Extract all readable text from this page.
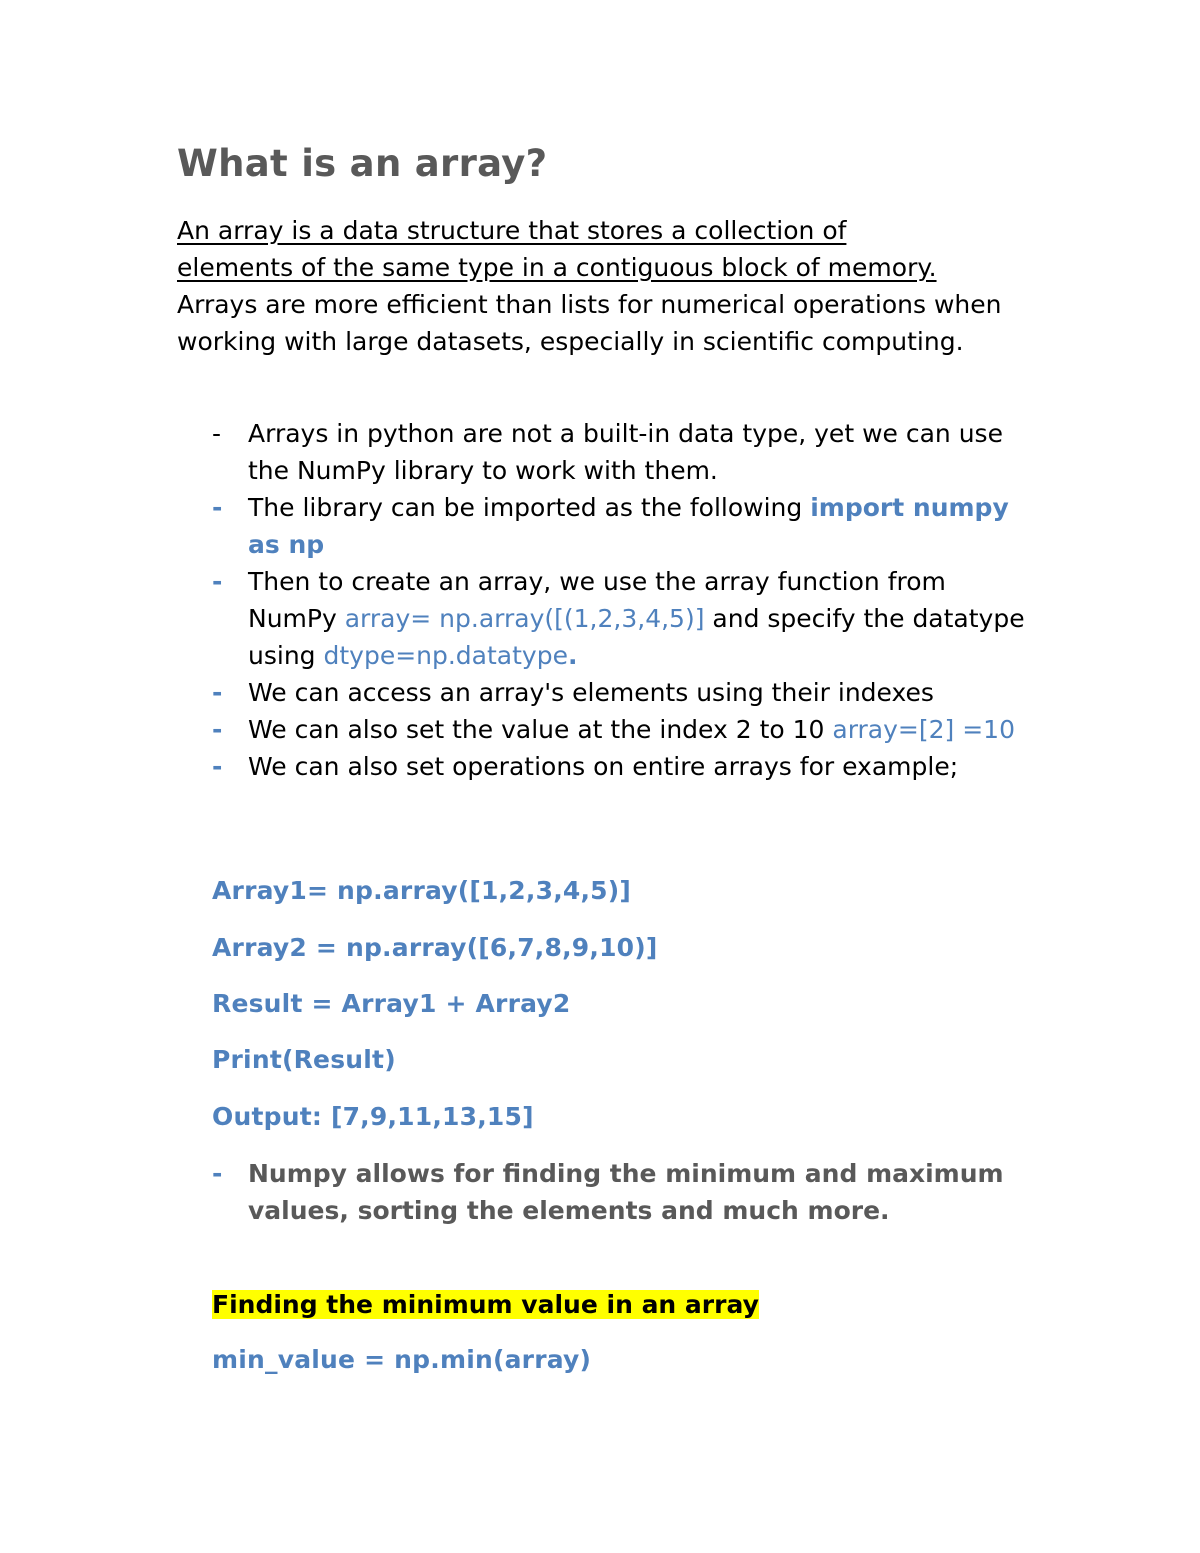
What is an array?

An array is a data structure that stores a collection of
elements of the same type in a contiguous block of memory.
Arrays are more efficient than lists for numerical operations when working with large datasets, especially in scientific computing.

- Arrays in python are not a built-in data type, yet we can use the NumPy library to work with them.
- The library can be imported as the following import numpy as np
- Then to create an array, we use the array function from NumPy array= np.array([(1,2,3,4,5)] and specify the datatype using dtype=np.datatype.
- We can access an array's elements using their indexes
- We can also set the value at the index 2 to 10 array=[2] =10
- We can also set operations on entire arrays for example;

Array1= np.array([1,2,3,4,5)]

Array2 = np.array([6,7,8,9,10)]

Result = Array1 + Array2

Print(Result)

Output: [7,9,11,13,15]

- Numpy allows for finding the minimum and maximum values, sorting the elements and much more.

Finding the minimum value in an array

min_value = np.min(array)
